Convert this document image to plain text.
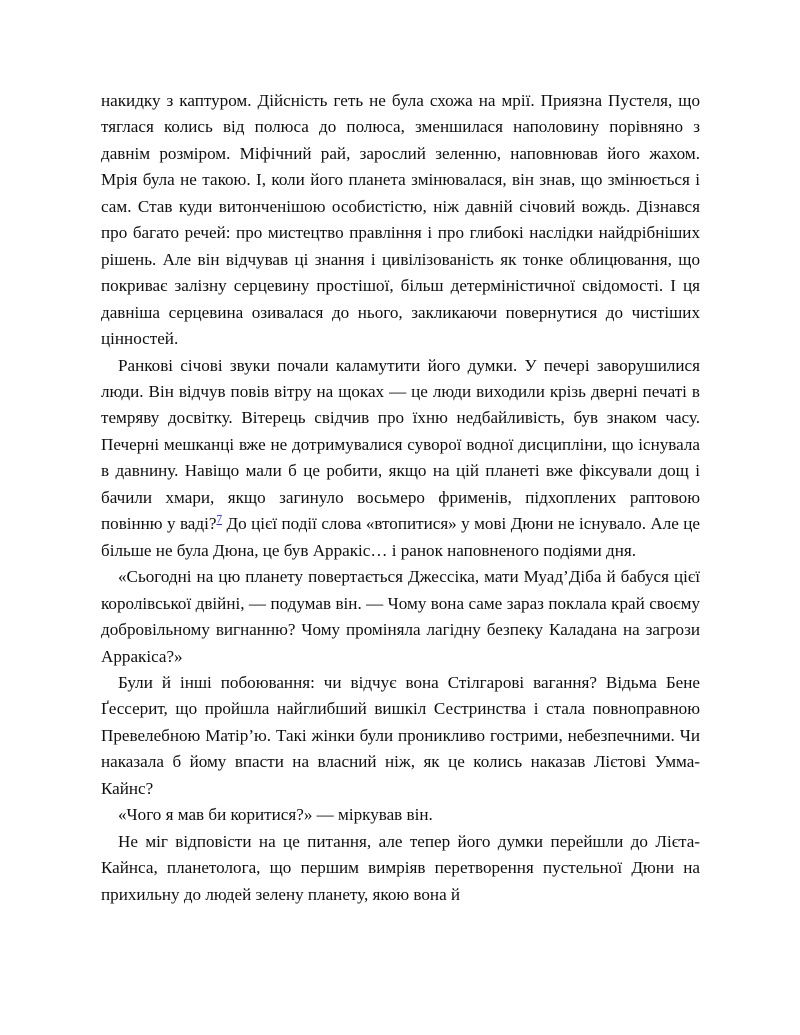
накидку з каптуром. Дійсність геть не була схожа на мрії. Приязна Пустеля, що тяглася колись від полюса до полюса, зменшилася наполовину порівняно з давнім розміром. Міфічний рай, зарослий зеленню, наповнював його жахом. Мрія була не такою. І, коли його планета змінювалася, він знав, що змінюється і сам. Став куди витонченішою особистістю, ніж давній січовий вождь. Дізнався про багато речей: про мистецтво правління і про глибокі наслідки найдрібніших рішень. Але він відчував ці знання і цивілізованість як тонке облицювання, що покриває залізну серцевину простішої, більш детерміністичної свідомості. І ця давніша серцевина озивалася до нього, закликаючи повернутися до чистіших цінностей.

Ранкові січові звуки почали каламутити його думки. У печері заворушилися люди. Він відчув повів вітру на щоках — це люди виходили крізь дверні печаті в темряву досвітку. Вітерець свідчив про їхню недбайливість, був знаком часу. Печерні мешканці вже не дотримувалися суворої водної дисципліни, що існувала в давнину. Навіщо мали б це робити, якщо на цій планеті вже фіксували дощ і бачили хмари, якщо загинуло восьмеро фрименів, підхоплених раптовою повінню у ваді?$^7$ До цієї події слова «втопитися» у мові Дюни не існувало. Але це більше не була Дюна, це був Арракіс… і ранок наповненого подіями дня.

«Сьогодні на цю планету повертається Джессіка, мати Муад’Діба й бабуся цієї королівської двійні, — подумав він. — Чому вона саме зараз поклала край своєму добровільному вигнанню? Чому проміняла лагідну безпеку Каладана на загрози Арракіса?»

Були й інші побоювання: чи відчує вона Стілгарові вагання? Відьма Бене Ґессерит, що пройшла найглибший вишкіл Сестринства і стала повноправною Превелебною Матір’ю. Такі жінки були проникливо гострими, небезпечними. Чи наказала б йому впасти на власний ніж, як це колись наказав Лієтові Умма-Кайнс?

«Чого я мав би коритися?» — міркував він.

Не міг відповісти на це питання, але тепер його думки перейшли до Лієта-Кайнса, планетолога, що першим вимріяв перетворення пустельної Дюни на прихильну до людей зелену планету, якою вона й
